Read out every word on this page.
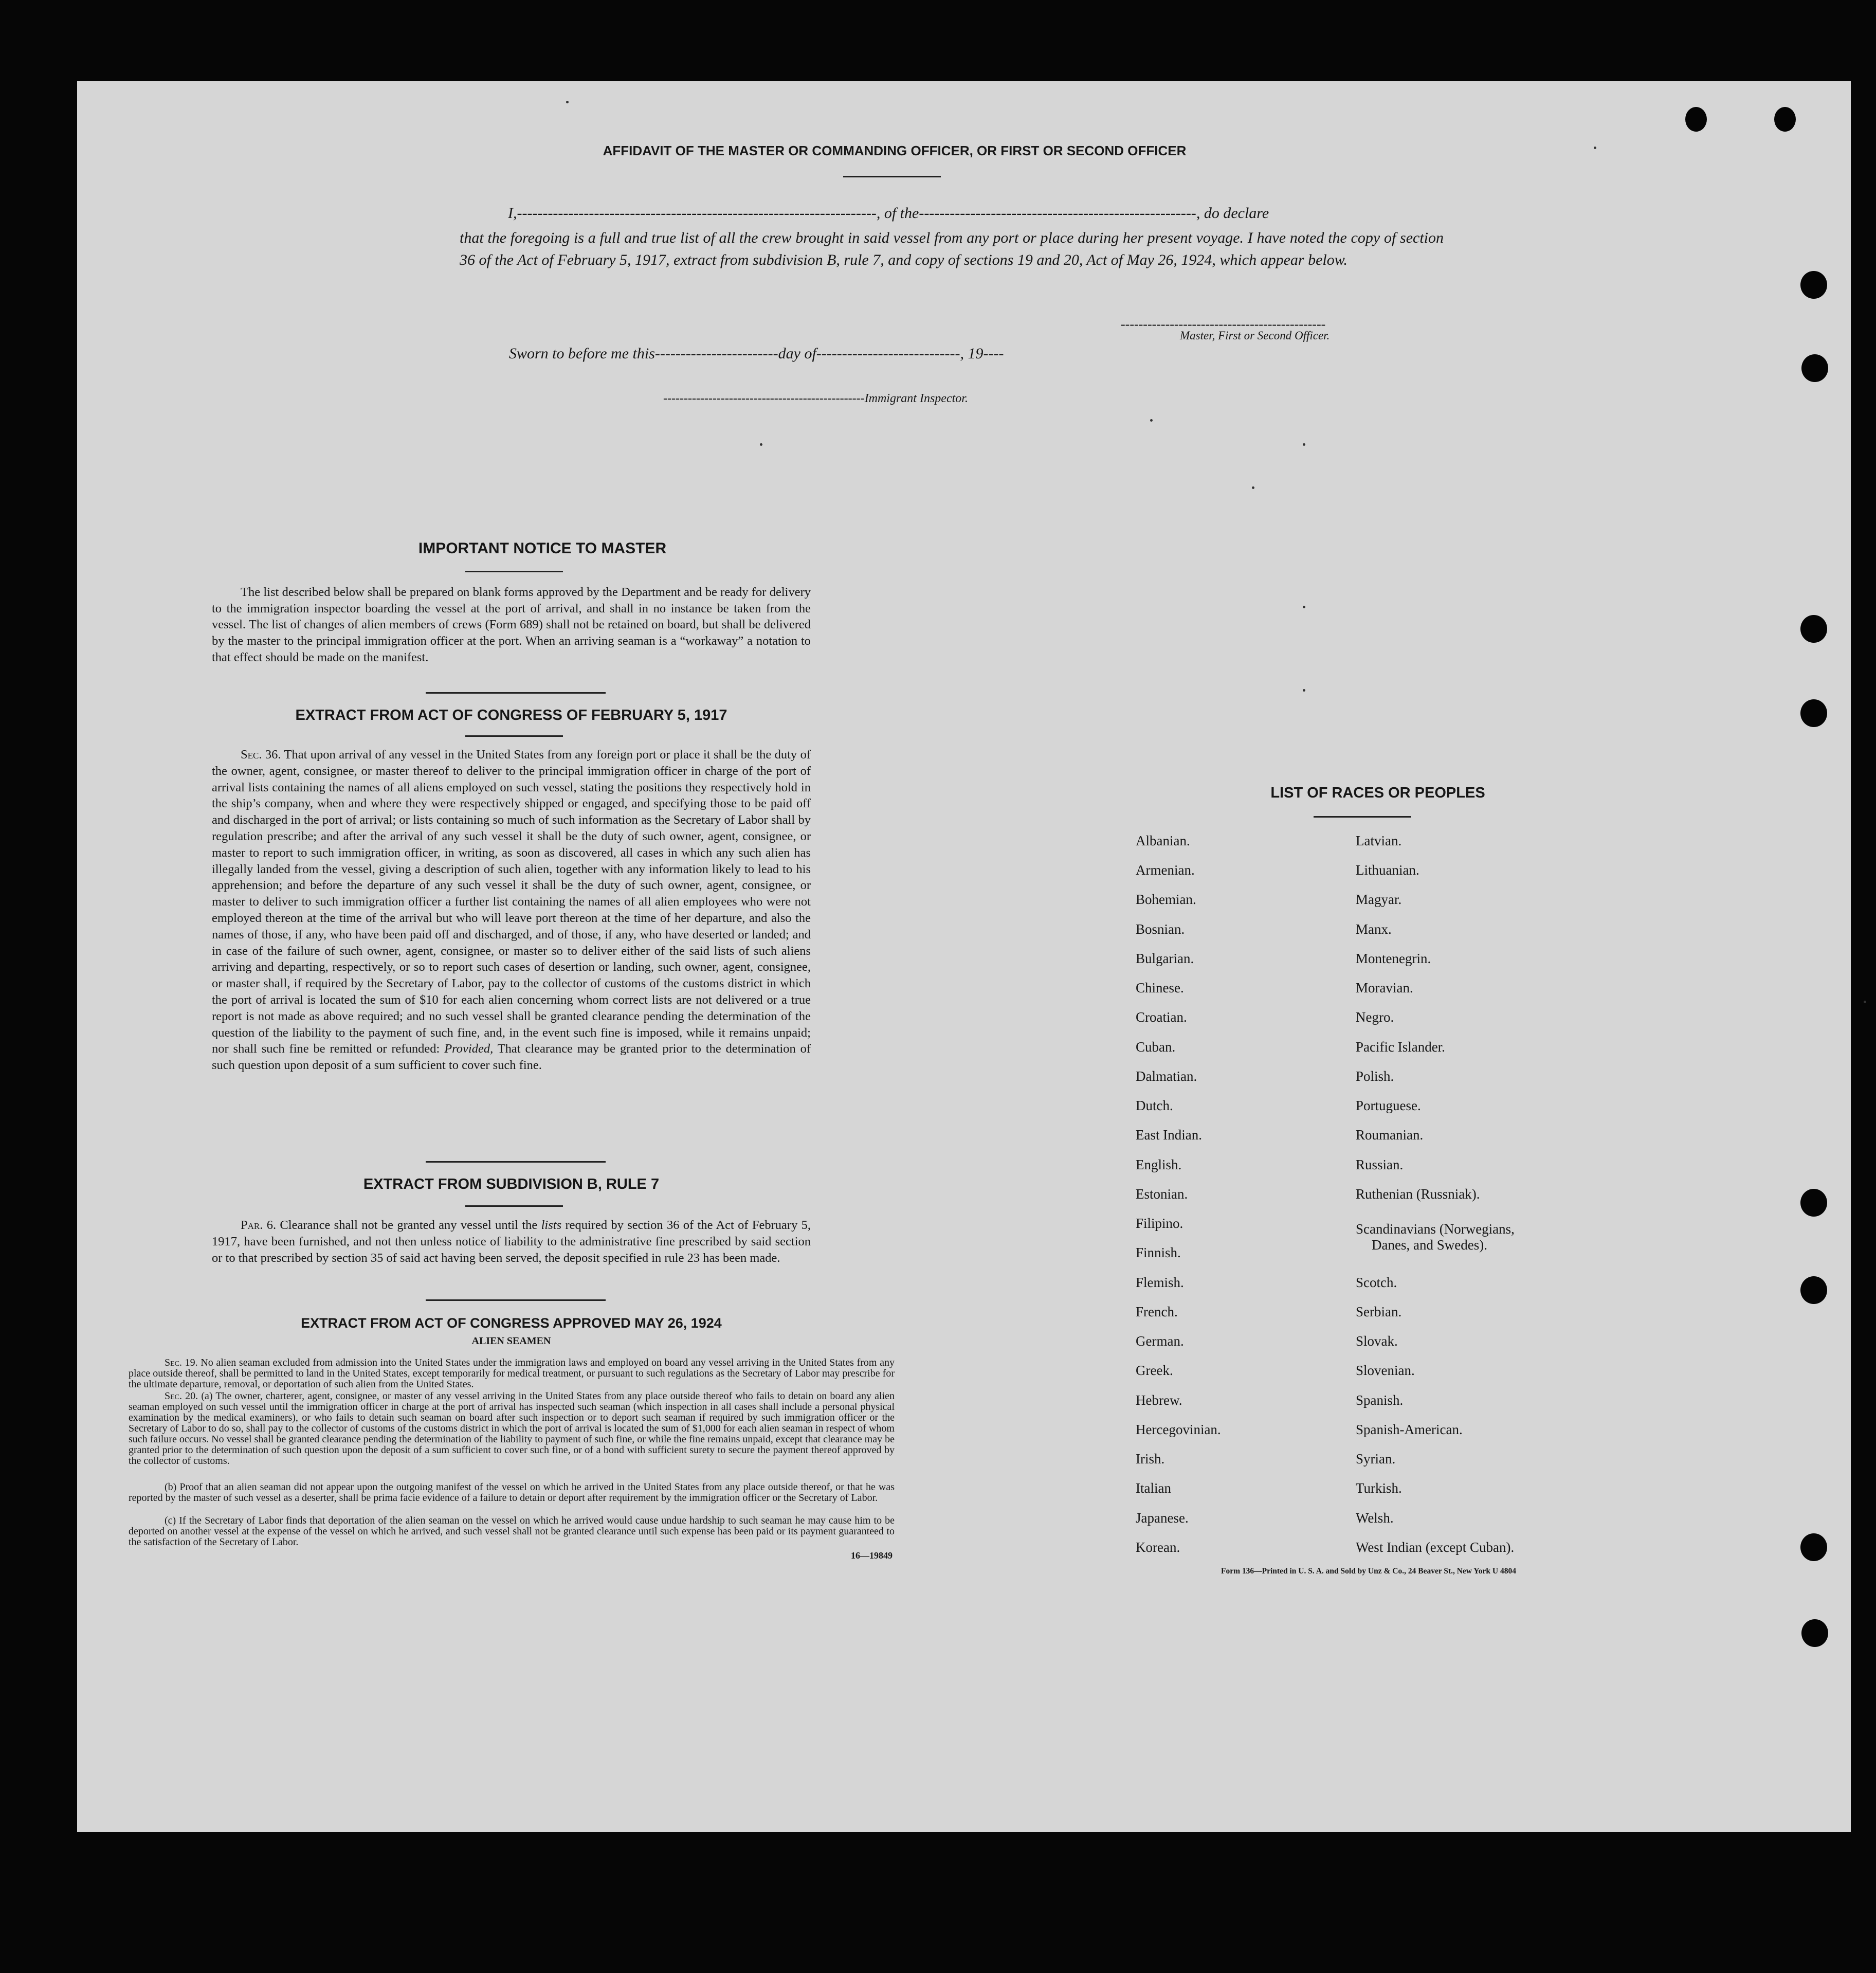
AFFIDAVIT OF THE MASTER OR COMMANDING OFFICER, OR FIRST OR SECOND OFFICER
I,----------------------------------------------------------------------, of the------------------------------------------------------, do declare
that the foregoing is a full and true list of all the crew brought in said vessel from any port or place during her present voyage. I have noted the copy of section 36 of the Act of February 5, 1917, extract from subdivision B, rule 7, and copy of sections 19 and 20, Act of May 26, 1924, which appear below.
----------------------------------------------
Master, First or Second Officer.
Sworn to before me this------------------------day of----------------------------, 19----
-------------------------------------------------Immigrant Inspector.
IMPORTANT NOTICE TO MASTER
The list described below shall be prepared on blank forms approved by the Department and be ready for delivery to the immigration inspector boarding the vessel at the port of arrival, and shall in no instance be taken from the vessel. The list of changes of alien members of crews (Form 689) shall not be retained on board, but shall be delivered by the master to the principal immigration officer at the port. When an arriving seaman is a “workaway” a notation to that effect should be made on the manifest.
EXTRACT FROM ACT OF CONGRESS OF FEBRUARY 5, 1917
Sec. 36. That upon arrival of any vessel in the United States from any foreign port or place it shall be the duty of the owner, agent, consignee, or master thereof to deliver to the principal immigration officer in charge of the port of arrival lists containing the names of all aliens employed on such vessel, stating the positions they respectively hold in the ship’s company, when and where they were respectively shipped or engaged, and specifying those to be paid off and discharged in the port of arrival; or lists containing so much of such information as the Secretary of Labor shall by regulation prescribe; and after the arrival of any such vessel it shall be the duty of such owner, agent, consignee, or master to report to such immigration officer, in writing, as soon as discovered, all cases in which any such alien has illegally landed from the vessel, giving a description of such alien, together with any information likely to lead to his apprehension; and before the departure of any such vessel it shall be the duty of such owner, agent, consignee, or master to deliver to such immigration officer a further list containing the names of all alien employees who were not employed thereon at the time of the arrival but who will leave port thereon at the time of her departure, and also the names of those, if any, who have been paid off and discharged, and of those, if any, who have deserted or landed; and in case of the failure of such owner, agent, consignee, or master so to deliver either of the said lists of such aliens arriving and departing, respectively, or so to report such cases of desertion or landing, such owner, agent, consignee, or master shall, if required by the Secretary of Labor, pay to the collector of customs of the customs district in which the port of arrival is located the sum of $10 for each alien concerning whom correct lists are not delivered or a true report is not made as above required; and no such vessel shall be granted clearance pending the determination of the question of the liability to the payment of such fine, and, in the event such fine is imposed, while it remains unpaid; nor shall such fine be remitted or refunded: Provided, That clearance may be granted prior to the determination of such question upon deposit of a sum sufficient to cover such fine.
EXTRACT FROM SUBDIVISION B, RULE 7
Par. 6. Clearance shall not be granted any vessel until the lists required by section 36 of the Act of February 5, 1917, have been furnished, and not then unless notice of liability to the administrative fine prescribed by said section or to that prescribed by section 35 of said act having been served, the deposit specified in rule 23 has been made.
EXTRACT FROM ACT OF CONGRESS APPROVED MAY 26, 1924
ALIEN SEAMEN
Sec. 19. No alien seaman excluded from admission into the United States under the immigration laws and employed on board any vessel arriving in the United States from any place outside thereof, shall be permitted to land in the United States, except temporarily for medical treatment, or pursuant to such regulations as the Secretary of Labor may prescribe for the ultimate departure, removal, or deportation of such alien from the United States.
Sec. 20. (a) The owner, charterer, agent, consignee, or master of any vessel arriving in the United States from any place outside thereof who fails to detain on board any alien seaman employed on such vessel until the immigration officer in charge at the port of arrival has inspected such seaman (which inspection in all cases shall include a personal physical examination by the medical examiners), or who fails to detain such seaman on board after such inspection or to deport such seaman if required by such immigration officer or the Secretary of Labor to do so, shall pay to the collector of customs of the customs district in which the port of arrival is located the sum of $1,000 for each alien seaman in respect of whom such failure occurs. No vessel shall be granted clearance pending the determination of the liability to payment of such fine, or while the fine remains unpaid, except that clearance may be granted prior to the determination of such question upon the deposit of a sum sufficient to cover such fine, or of a bond with sufficient surety to secure the payment thereof approved by the collector of customs.
(b) Proof that an alien seaman did not appear upon the outgoing manifest of the vessel on which he arrived in the United States from any place outside thereof, or that he was reported by the master of such vessel as a deserter, shall be prima facie evidence of a failure to detain or deport after requirement by the immigration officer or the Secretary of Labor.
(c) If the Secretary of Labor finds that deportation of the alien seaman on the vessel on which he arrived would cause undue hardship to such seaman he may cause him to be deported on another vessel at the expense of the vessel on which he arrived, and such vessel shall not be granted clearance until such expense has been paid or its payment guaranteed to the satisfaction of the Secretary of Labor.
16—19849
LIST OF RACES OR PEOPLES
Albanian.
Armenian.
Bohemian.
Bosnian.
Bulgarian.
Chinese.
Croatian.
Cuban.
Dalmatian.
Dutch.
East Indian.
English.
Estonian.
Filipino.
Finnish.
Flemish.
French.
German.
Greek.
Hebrew.
Hercegovinian.
Irish.
Italian
Japanese.
Korean.
Latvian.
Lithuanian.
Magyar.
Manx.
Montenegrin.
Moravian.
Negro.
Pacific Islander.
Polish.
Portuguese.
Roumanian.
Russian.
Ruthenian (Russniak).
Scandinavians (Norwegians,
Danes, and Swedes).
Scotch.
Serbian.
Slovak.
Slovenian.
Spanish.
Spanish-American.
Syrian.
Turkish.
Welsh.
West Indian (except Cuban).
Form 136—Printed in U. S. A. and Sold by Unz & Co., 24 Beaver St., New York U 4804
